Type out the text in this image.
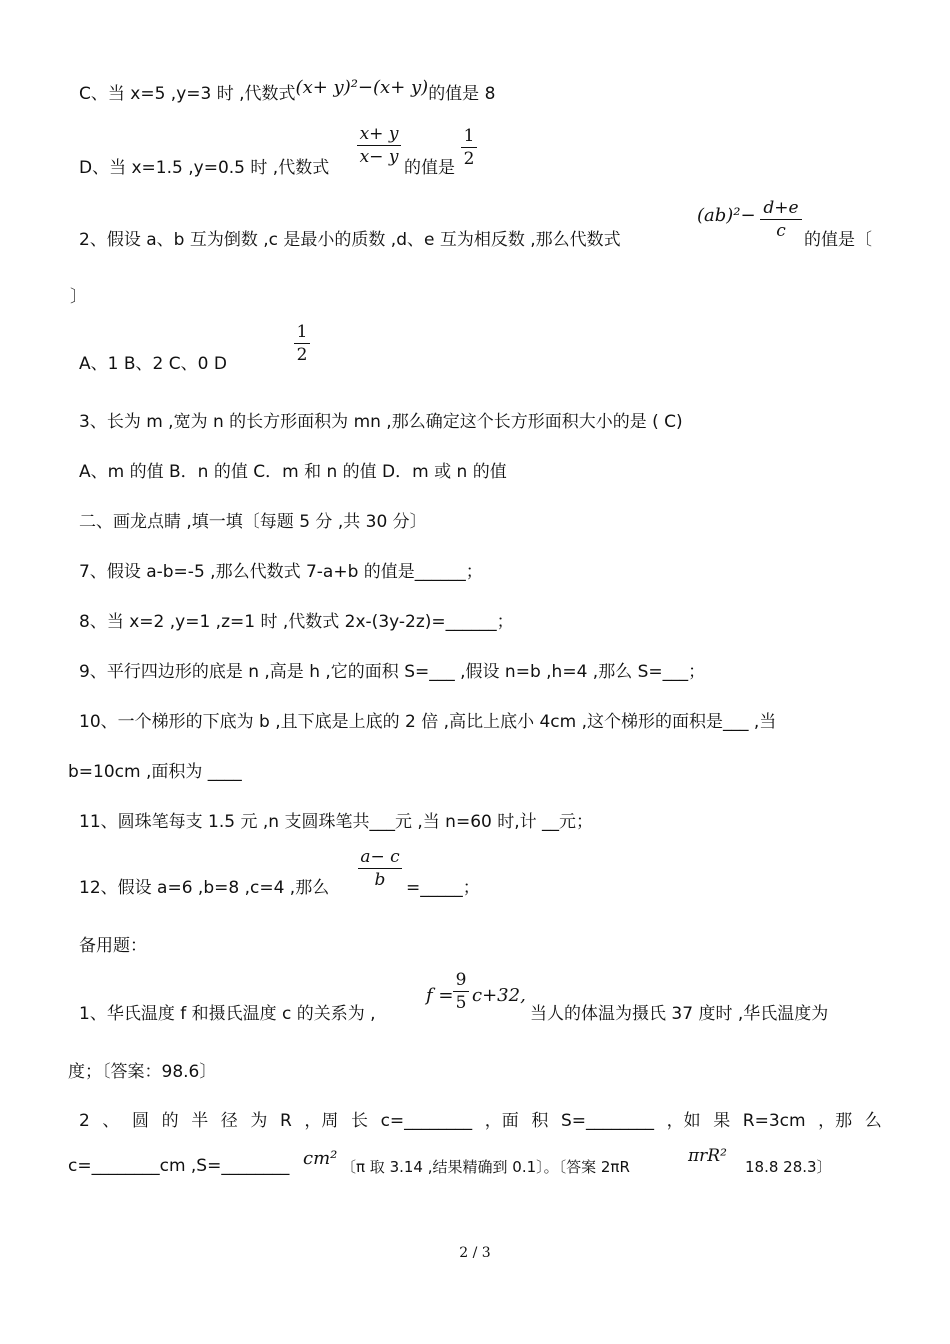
C、当 x=5 ,y=3 时 ,代数式(x+ y)²−(x+ y)的值是 8
D、当 x=1.5 ,y=0.5 时 ,代数式
x+ y
x− y
的值是
1
2
2、假设 a、b 互为倒数 ,c 是最小的质数 ,d、e 互为相反数 ,那么代数式
(ab)²− d+e
c	的值是〔
〕
A、1 B、2 C、0 D
1
2
3、长为 m ,宽为 n 的长方形面积为 mn ,那么确定这个长方形面积大小的是 ( C)
A、m 的值 B．n 的值 C．m 和 n 的值 D．m 或 n 的值
二、画龙点睛 ,填一填〔每题 5 分 ,共 30 分〕
7、假设 a-b=-5 ,那么代数式 7-a+b 的值是______；
8、当 x=2 ,y=1 ,z=1 时 ,代数式 2x-(3y-2z)=______；
9、平行四边形的底是 n ,高是 h ,它的面积 S=___ ,假设 n=b ,h=4 ,那么 S=___；
10、一个梯形的下底为 b ,且下底是上底的 2 倍 ,高比上底小 4cm ,这个梯形的面积是___ ,当
b=10cm ,面积为 ____
11、圆珠笔每支 1.5 元 ,n 支圆珠笔共___元 ,当 n=60 时,计 __元；
12、假设 a=6 ,b=8 ,c=4 ,那么
a− c
b	=_____；
备用题：
1、华氏温度 f 和摄氏温度 c 的关系为 ,
f =
9
5 c+32,
当人的体温为摄氏 37 度时 ,华氏温度为
度；〔答案：98.6〕
2 、 圆 的 半 径 为 R ，周 长 c=________ ，面 积 S=________ ，如 果 R=3cm ，那 么
c=________cm ,S=________ cm² 〔π 取 3.14 ,结果精确到 0.1〕。〔答案 2πR
πrR²
18.8 28.3〕
2 / 3
